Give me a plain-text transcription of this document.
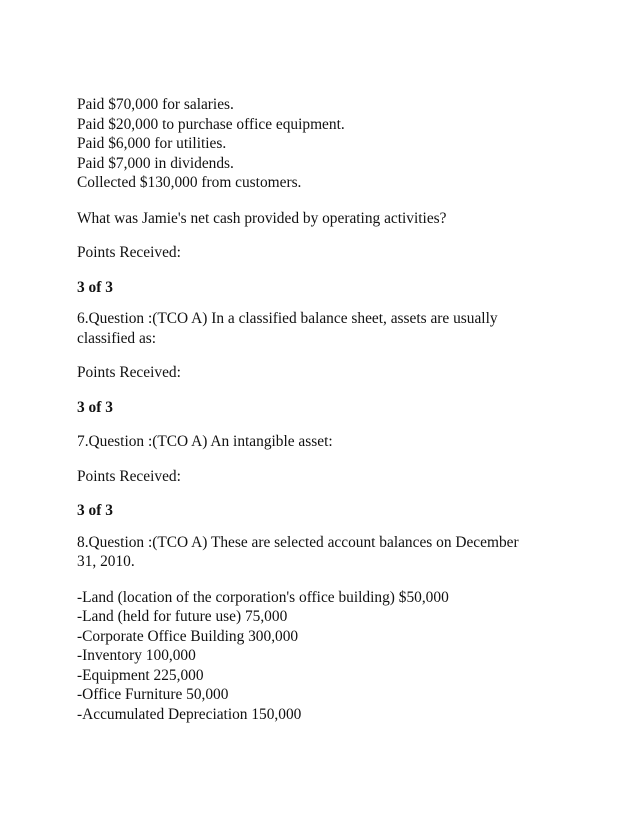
Paid $70,000 for salaries.
Paid $20,000 to purchase office equipment.
Paid $6,000 for utilities.
Paid $7,000 in dividends.
Collected $130,000 from customers.
What was Jamie's net cash provided by operating activities?
Points Received:
3 of 3
6.Question :(TCO A) In a classified balance sheet, assets are usually
classified as:
Points Received:
3 of 3
7.Question :(TCO A) An intangible asset:
Points Received:
3 of 3
8.Question :(TCO A) These are selected account balances on December
31, 2010.
-Land (location of the corporation's office building) $50,000
-Land (held for future use) 75,000
-Corporate Office Building 300,000
-Inventory 100,000
-Equipment 225,000
-Office Furniture 50,000
-Accumulated Depreciation 150,000
